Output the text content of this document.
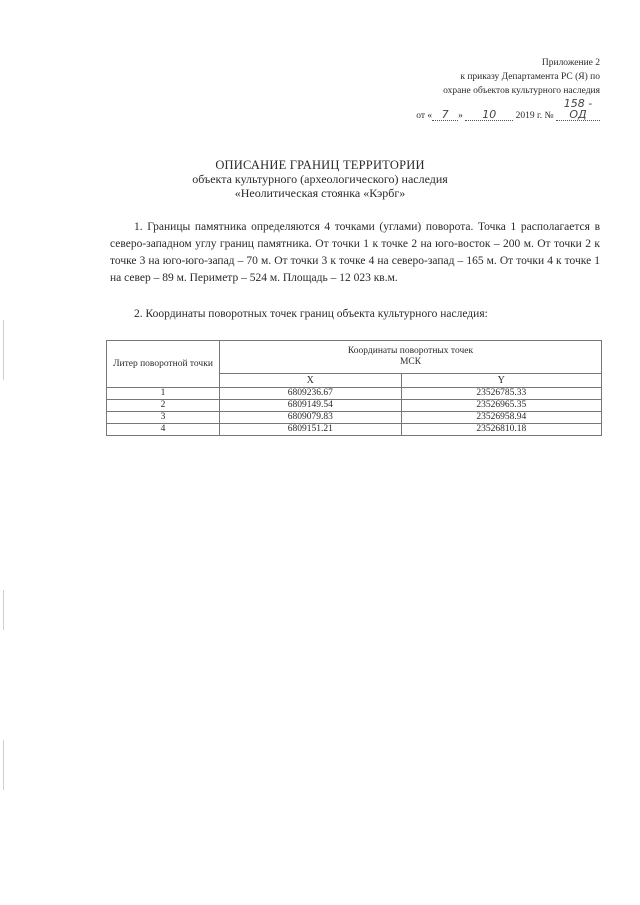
Приложение 2
к приказу Департамента РС (Я) по
охране объектов культурного наследия
от « 7 » 10 2019 г. № 158 - ОД
ОПИСАНИЕ ГРАНИЦ ТЕРРИТОРИИ
объекта культурного (археологического) наследия
«Неолитическая стоянка «Кэрбг»

1. Границы памятника определяются 4 точками (углами) поворота. Точка 1 располагается в северо-западном углу границ памятника. От точки 1 к точке 2 на юго-восток – 200 м. От точки 2 к точке 3 на юго-юго-запад – 70 м. От точки 3 к точке 4 на северо-запад – 165 м. От точки 4 к точке 1 на север – 89 м. Периметр – 524 м. Площадь – 12 023 кв.м.

2. Координаты поворотных точек границ объекта культурного наследия:

Литер поворотной точки	Координаты поворотных точек
МСК	

	X	Y
1	6809236.67	23526785.33
2	6809149.54	23526965.35
3	6809079.83	23526958.94
4	6809151.21	23526810.18
